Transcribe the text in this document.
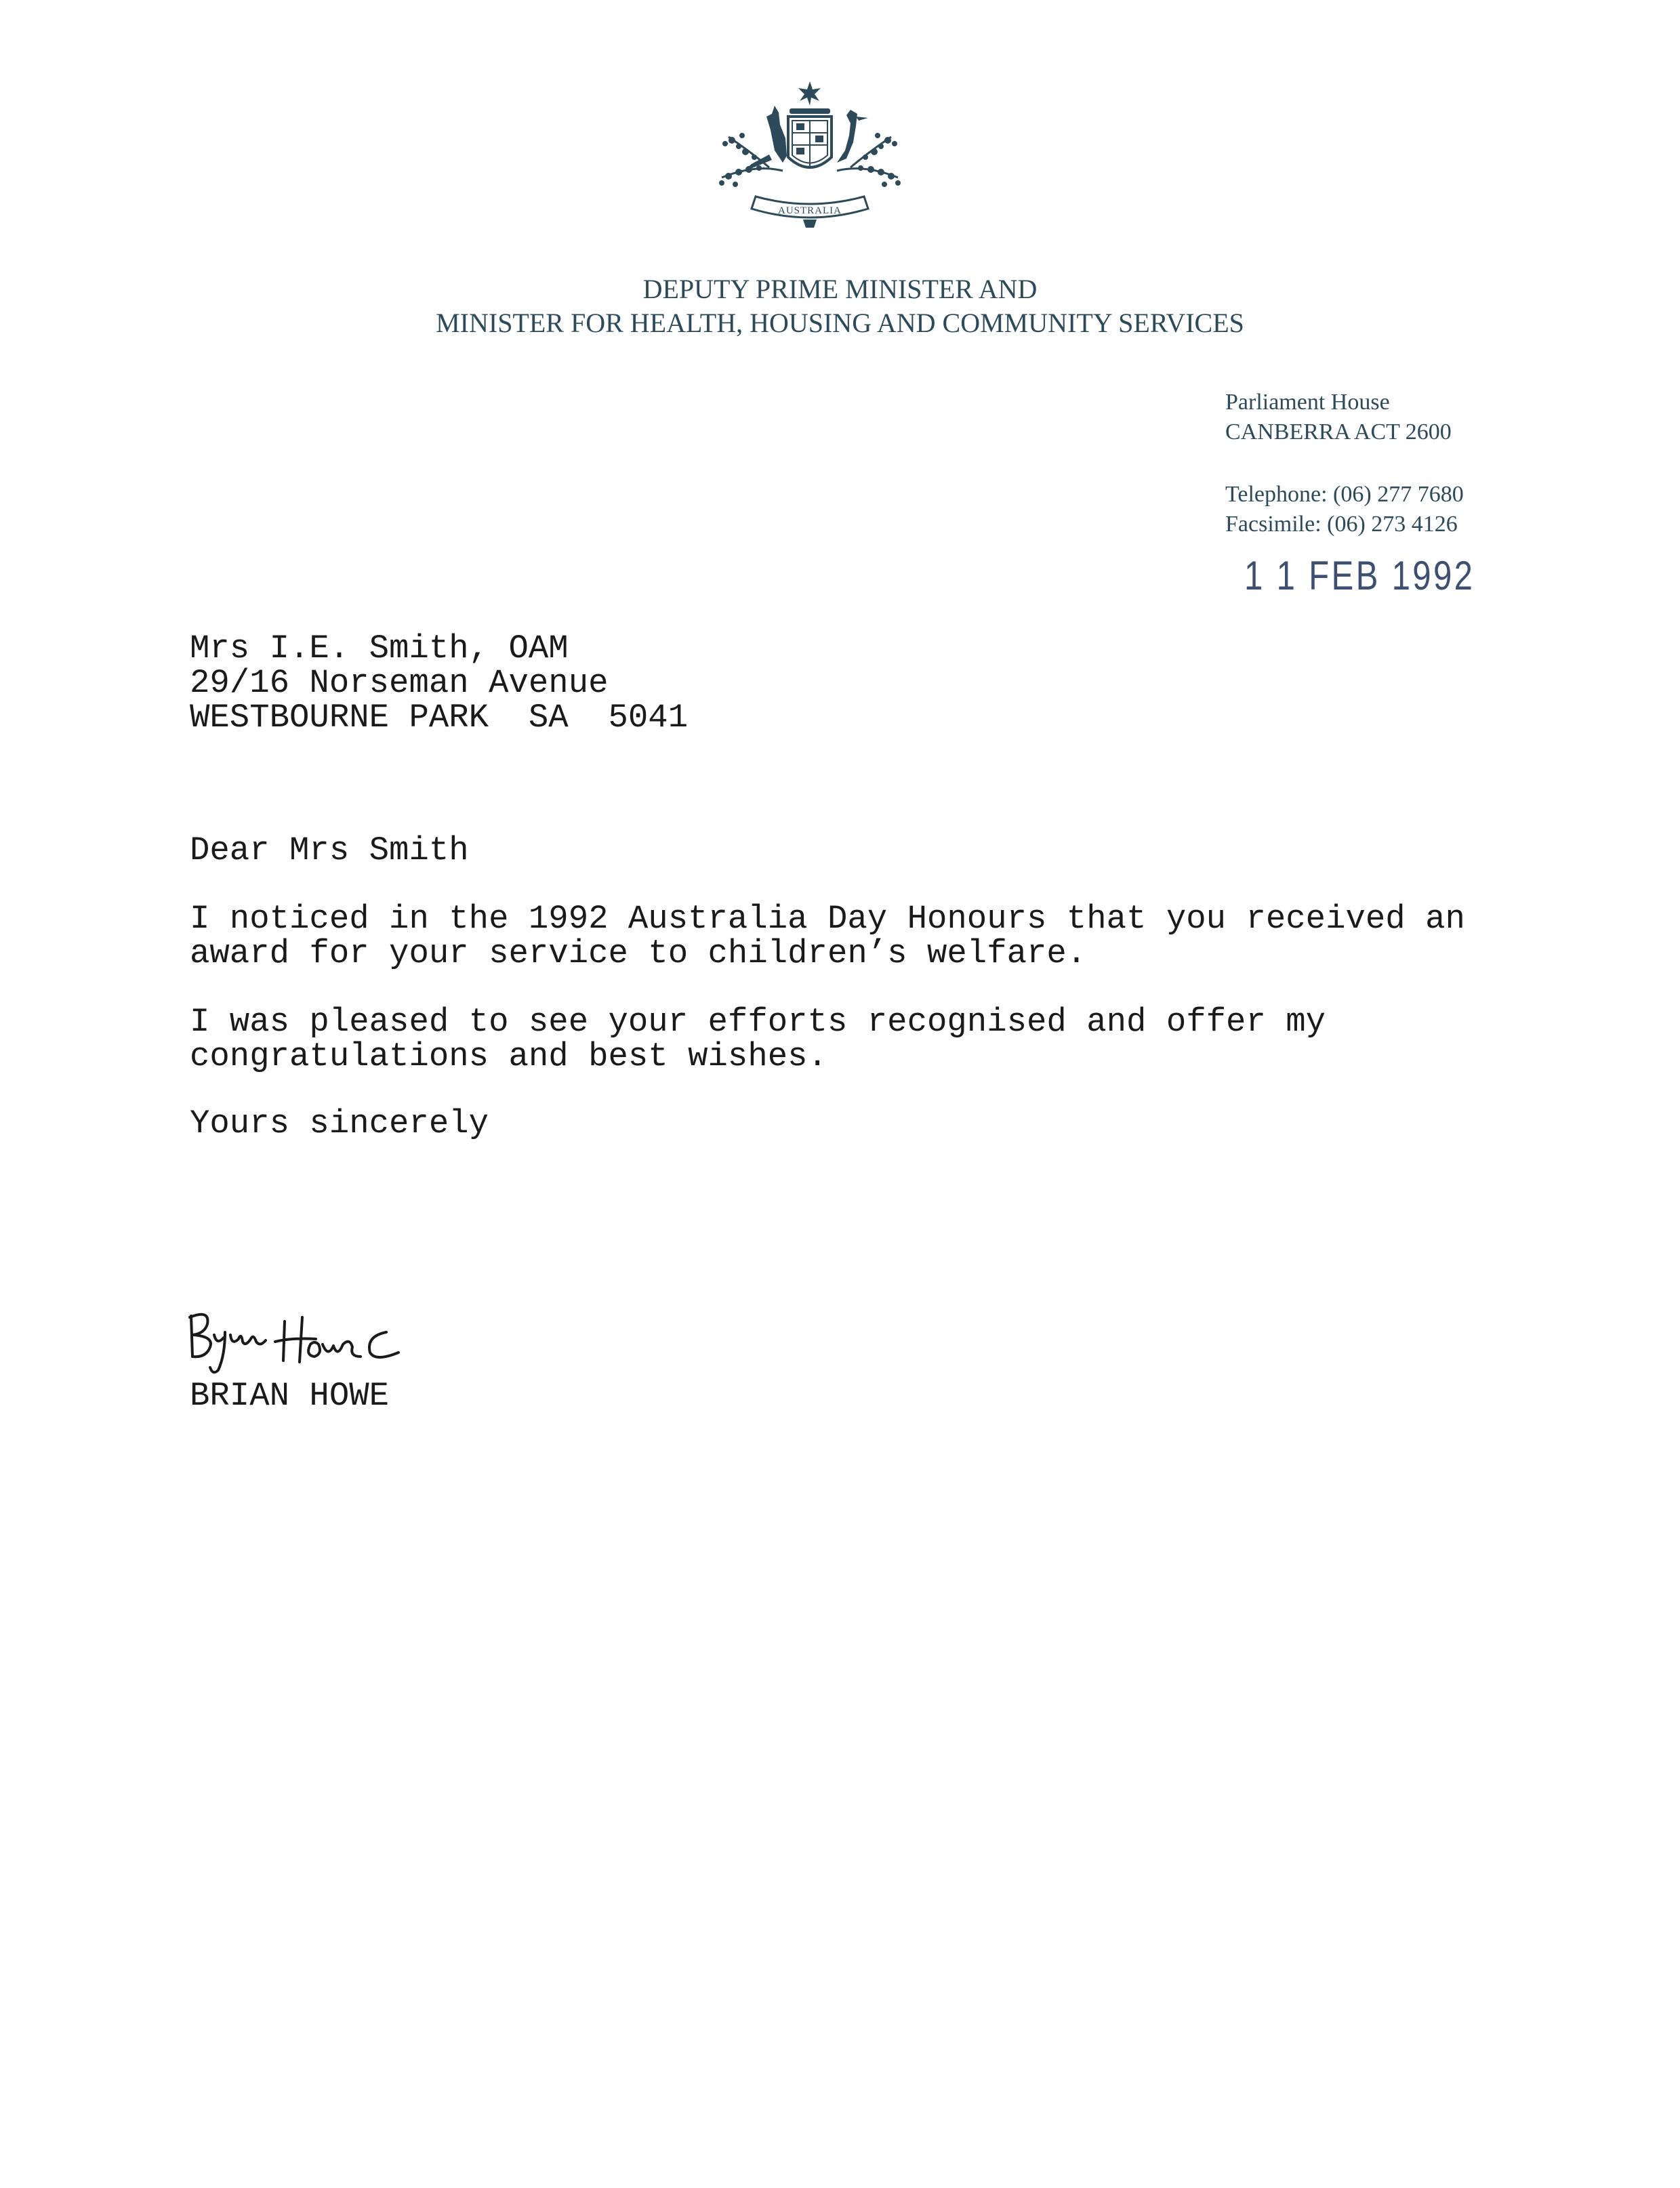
AUSTRALIA
DEPUTY PRIME MINISTER AND
MINISTER FOR HEALTH, HOUSING AND COMMUNITY SERVICES
Parliament House
CANBERRA ACT 2600
Telephone: (06) 277 7680
Facsimile: (06) 273 4126
1 1 FEB 1992
Mrs I.E. Smith, OAM
29/16 Norseman Avenue
WESTBOURNE PARK  SA  5041
Dear Mrs Smith
I noticed in the 1992 Australia Day Honours that you received an
award for your service to children’s welfare.
I was pleased to see your efforts recognised and offer my
congratulations and best wishes.
Yours sincerely
BRIAN HOWE
